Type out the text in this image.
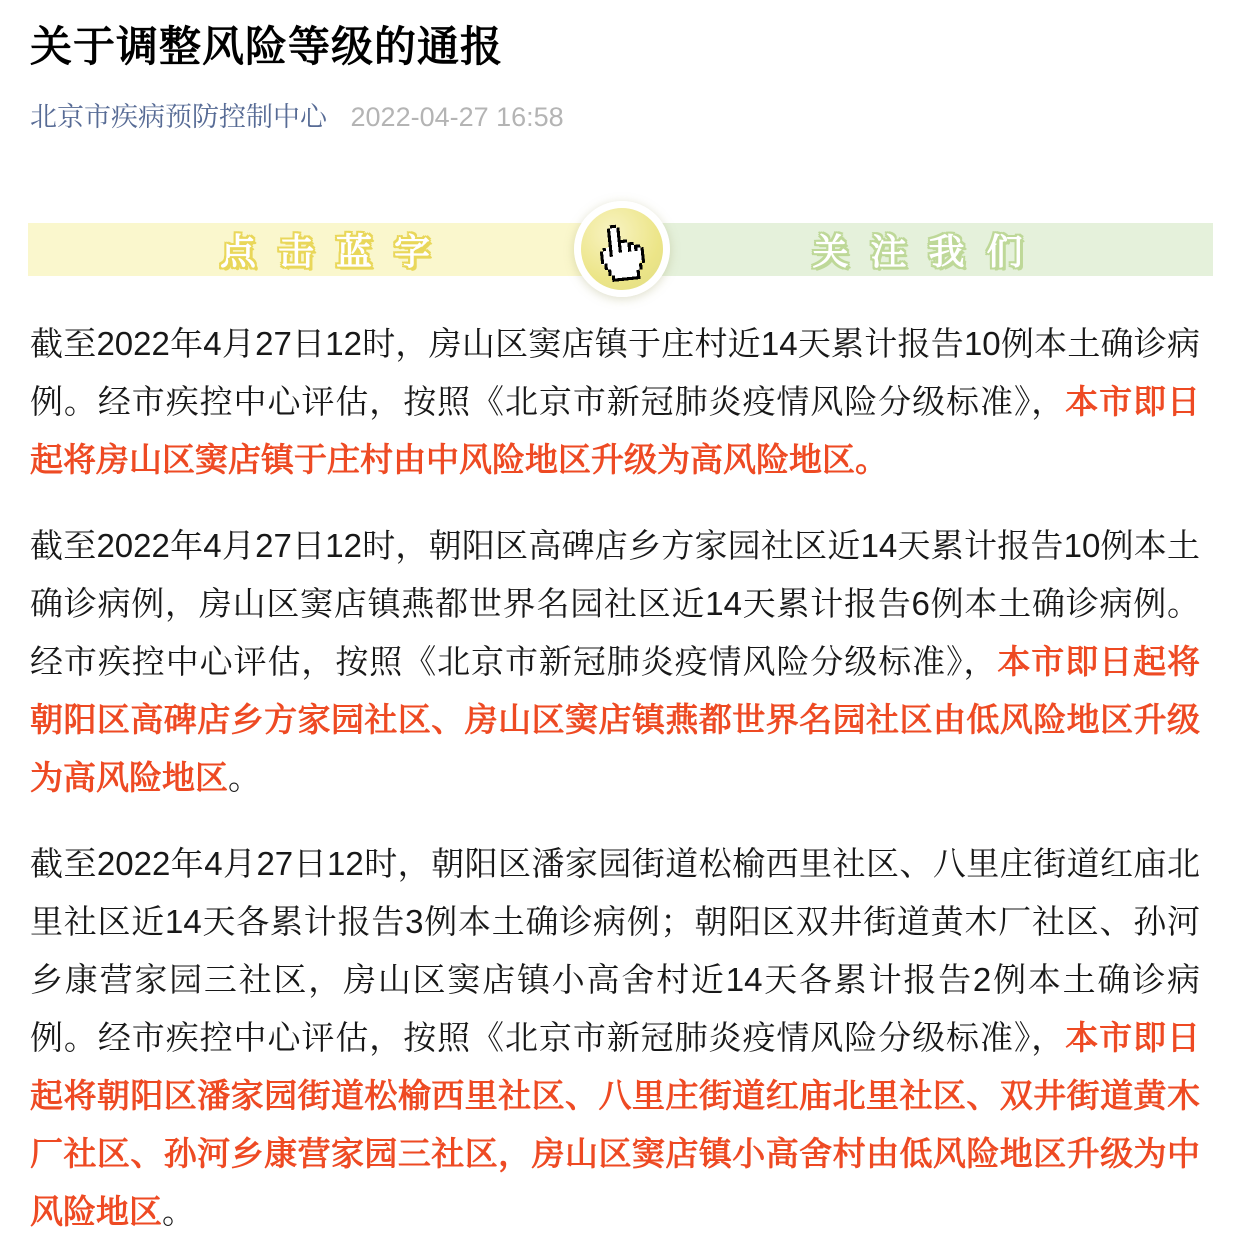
关于调整风险等级的通报
北京市疾病预防控制中心 2022-04-27 16:58
点击蓝字	关注我们

截至2022年4月27日12时，房山区窦店镇于庄村近14天累计报告10例本土确诊病例。经市疾控中心评估，按照《北京市新冠肺炎疫情风险分级标准》，本市即日起将房山区窦店镇于庄村由中风险地区升级为高风险地区。

截至2022年4月27日12时，朝阳区高碑店乡方家园社区近14天累计报告10例本土确诊病例，房山区窦店镇燕都世界名园社区近14天累计报告6例本土确诊病例。经市疾控中心评估，按照《北京市新冠肺炎疫情风险分级标准》，本市即日起将朝阳区高碑店乡方家园社区、房山区窦店镇燕都世界名园社区由低风险地区升级为高风险地区。

截至2022年4月27日12时，朝阳区潘家园街道松榆西里社区、八里庄街道红庙北里社区近14天各累计报告3例本土确诊病例；朝阳区双井街道黄木厂社区、孙河乡康营家园三社区，房山区窦店镇小高舍村近14天各累计报告2例本土确诊病例。经市疾控中心评估，按照《北京市新冠肺炎疫情风险分级标准》，本市即日起将朝阳区潘家园街道松榆西里社区、八里庄街道红庙北里社区、双井街道黄木厂社区、孙河乡康营家园三社区，房山区窦店镇小高舍村由低风险地区升级为中风险地区。
